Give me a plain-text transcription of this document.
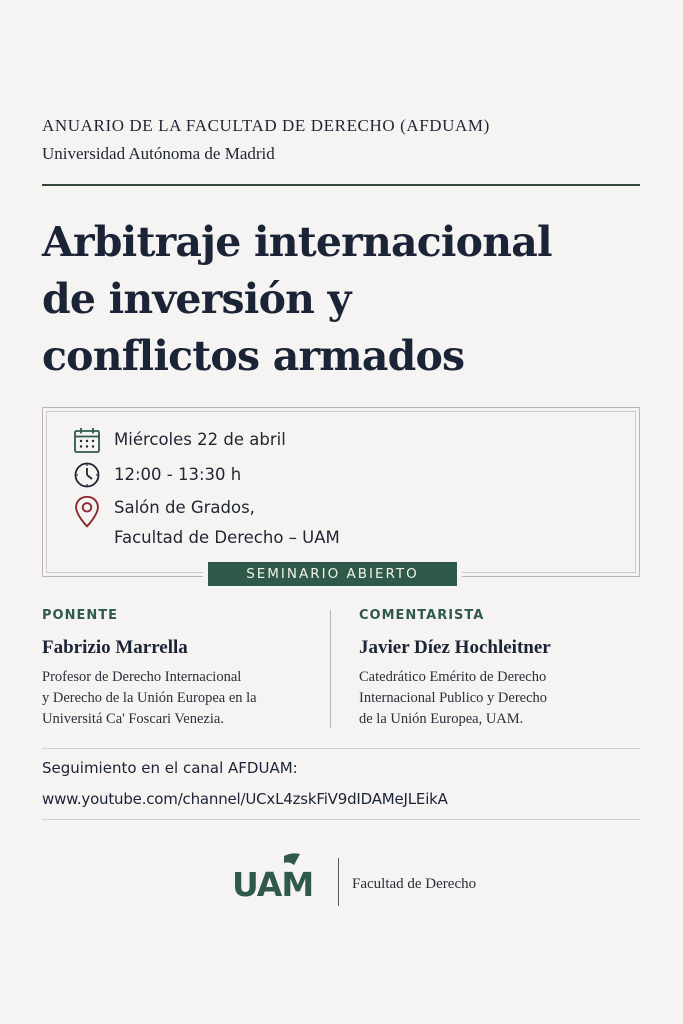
ANUARIO DE LA FACULTAD DE DERECHO (AFDUAM)
Universidad Autónoma de Madrid
Arbitraje internacional
de inversión y
conflictos armados
Miércoles 22 de abril
12:00 - 13:30 h
Salón de Grados,
Facultad de Derecho – UAM
SEMINARIO ABIERTO
PONENTE
Fabrizio Marrella
Profesor de Derecho Internacional
y Derecho de la Unión Europea en la
Universitá Ca' Foscari Venezia.
COMENTARISTA
Javier Díez Hochleitner
Catedrático Emérito de Derecho
Internacional Publico y Derecho
de la Unión Europea, UAM.
Seguimiento en el canal AFDUAM:
www.youtube.com/channel/UCxL4zskFiV9dIDAMeJLEikA
UAM	Facultad de Derecho
